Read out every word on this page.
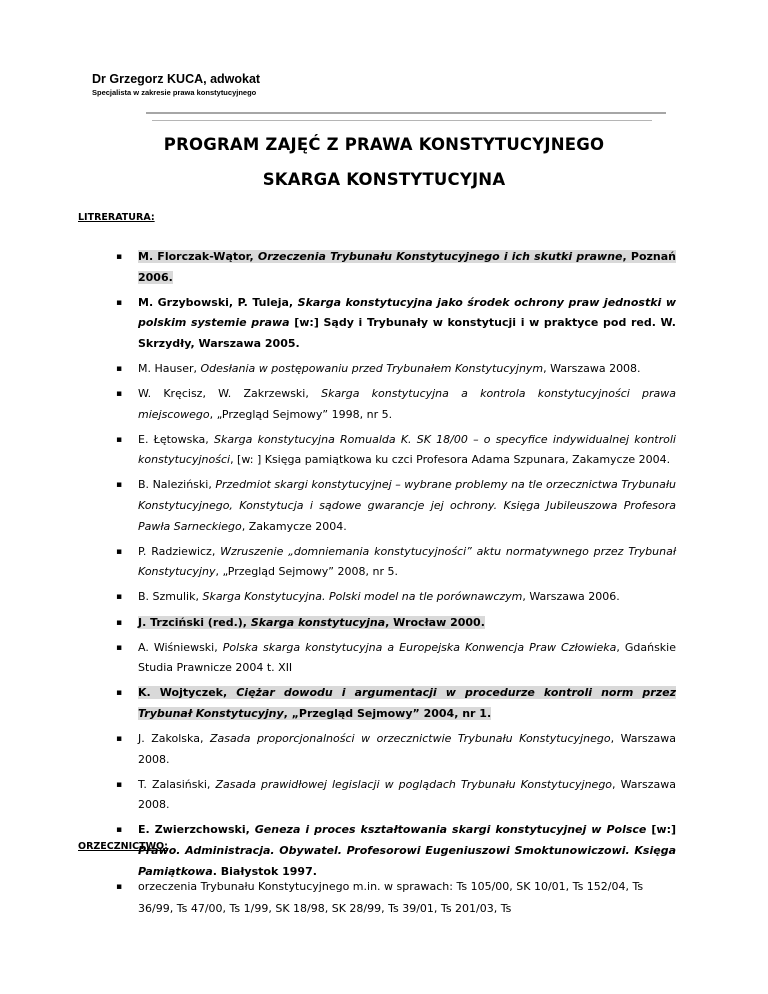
Dr Grzegorz KUCA, adwokat
Specjalista w zakresie prawa konstytucyjnego
PROGRAM ZAJĘĆ Z PRAWA KONSTYTUCYJNEGO
SKARGA KONSTYTUCYJNA
LITRERATURA:
▪ M. Florczak-Wątor, Orzeczenia Trybunału Konstytucyjnego i ich skutki prawne, Poznań 2006.
▪ M. Grzybowski, P. Tuleja, Skarga konstytucyjna jako środek ochrony praw jednostki w polskim systemie prawa [w:] Sądy i Trybunały w konstytucji i w praktyce pod red. W. Skrzydły, Warszawa 2005.
▪ M. Hauser, Odesłania w postępowaniu przed Trybunałem Konstytucyjnym, Warszawa 2008.
▪ W. Kręcisz, W. Zakrzewski, Skarga konstytucyjna a kontrola konstytucyjności prawa miejscowego, „Przegląd Sejmowy” 1998, nr 5.
▪ E. Łętowska, Skarga konstytucyjna Romualda K. SK 18/00 – o specyfice indywidualnej kontroli konstytucyjności, [w: ] Księga pamiątkowa ku czci Profesora Adama Szpunara, Zakamycze 2004.
▪ B. Naleziński, Przedmiot skargi konstytucyjnej – wybrane problemy na tle orzecznictwa Trybunału Konstytucyjnego, Konstytucja i sądowe gwarancje jej ochrony. Księga Jubileuszowa Profesora Pawła Sarneckiego, Zakamycze 2004.
▪ P. Radziewicz, Wzruszenie „domniemania konstytucyjności” aktu normatywnego przez Trybunał Konstytucyjny, „Przegląd Sejmowy” 2008, nr 5.
▪ B. Szmulik, Skarga Konstytucyjna. Polski model na tle porównawczym, Warszawa 2006.
▪ J. Trzciński (red.), Skarga konstytucyjna, Wrocław 2000.
▪ A. Wiśniewski, Polska skarga konstytucyjna a Europejska Konwencja Praw Człowieka, Gdańskie Studia Prawnicze 2004 t. XII
▪ K. Wojtyczek, Ciężar dowodu i argumentacji w procedurze kontroli norm przez Trybunał Konstytucyjny, „Przegląd Sejmowy” 2004, nr 1.
▪ J. Zakolska, Zasada proporcjonalności w orzecznictwie Trybunału Konstytucyjnego, Warszawa 2008.
▪ T. Zalasiński, Zasada prawidłowej legislacji w poglądach Trybunału Konstytucyjnego, Warszawa 2008.
▪ E. Zwierzchowski, Geneza i proces kształtowania skargi konstytucyjnej w Polsce [w:] Prawo. Administracja. Obywatel. Profesorowi Eugeniuszowi Smoktunowiczowi. Księga Pamiątkowa. Białystok 1997.
ORZECZNICTWO:
▪ orzeczenia Trybunału Konstytucyjnego m.in. w sprawach: Ts 105/00, SK 10/01, Ts 152/04, Ts 36/99, Ts 47/00, Ts 1/99, SK 18/98, SK 28/99, Ts 39/01, Ts 201/03, Ts
